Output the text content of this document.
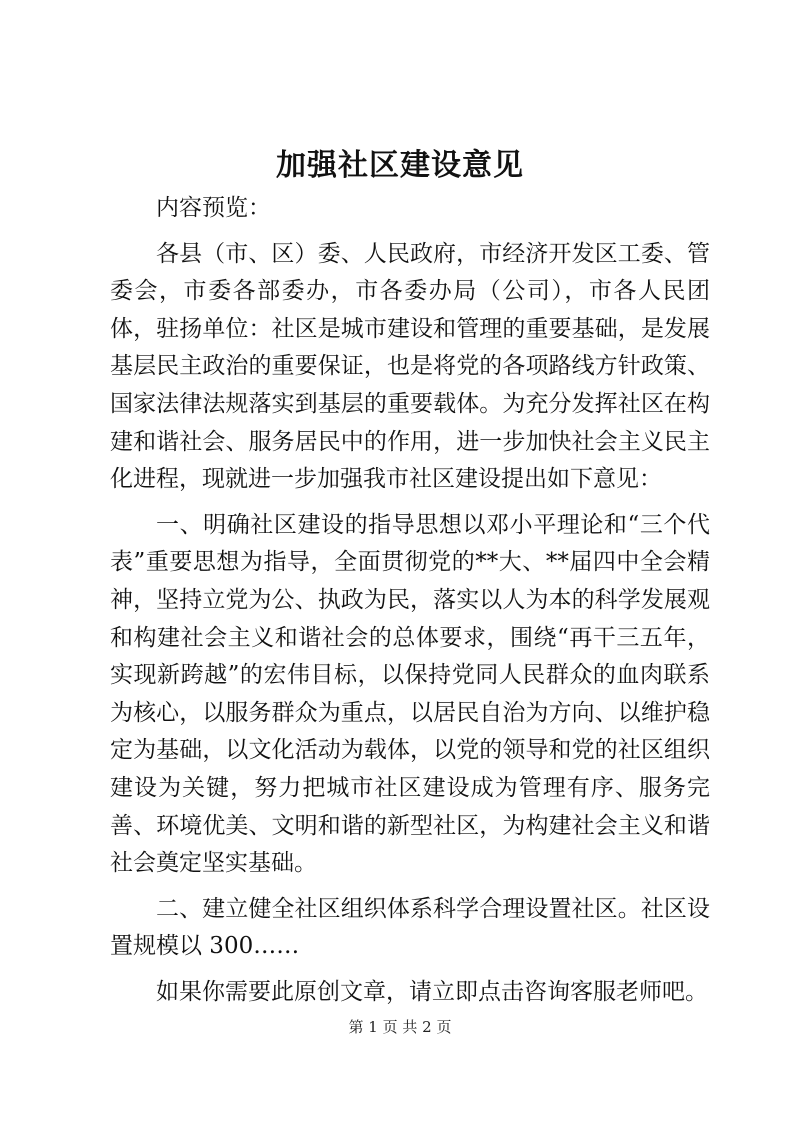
加强社区建设意见

内容预览：

各县（市、区）委、人民政府，市经济开发区工委、管委会，市委各部委办，市各委办局（公司），市各人民团体，驻扬单位：社区是城市建设和管理的重要基础，是发展基层民主政治的重要保证，也是将党的各项路线方针政策、国家法律法规落实到基层的重要载体。为充分发挥社区在构建和谐社会、服务居民中的作用，进一步加快社会主义民主化进程，现就进一步加强我市社区建设提出如下意见：

一、明确社区建设的指导思想以邓小平理论和“三个代表”重要思想为指导，全面贯彻党的**大、**届四中全会精神，坚持立党为公、执政为民，落实以人为本的科学发展观和构建社会主义和谐社会的总体要求，围绕“再干三五年，实现新跨越”的宏伟目标，以保持党同人民群众的血肉联系为核心，以服务群众为重点，以居民自治为方向、以维护稳定为基础，以文化活动为载体，以党的领导和党的社区组织建设为关键，努力把城市社区建设成为管理有序、服务完善、环境优美、文明和谐的新型社区，为构建社会主义和谐社会奠定坚实基础。

二、建立健全社区组织体系科学合理设置社区。社区设置规模以 300……

如果你需要此原创文章，请立即点击咨询客服老师吧。

第 1 页 共 2 页
